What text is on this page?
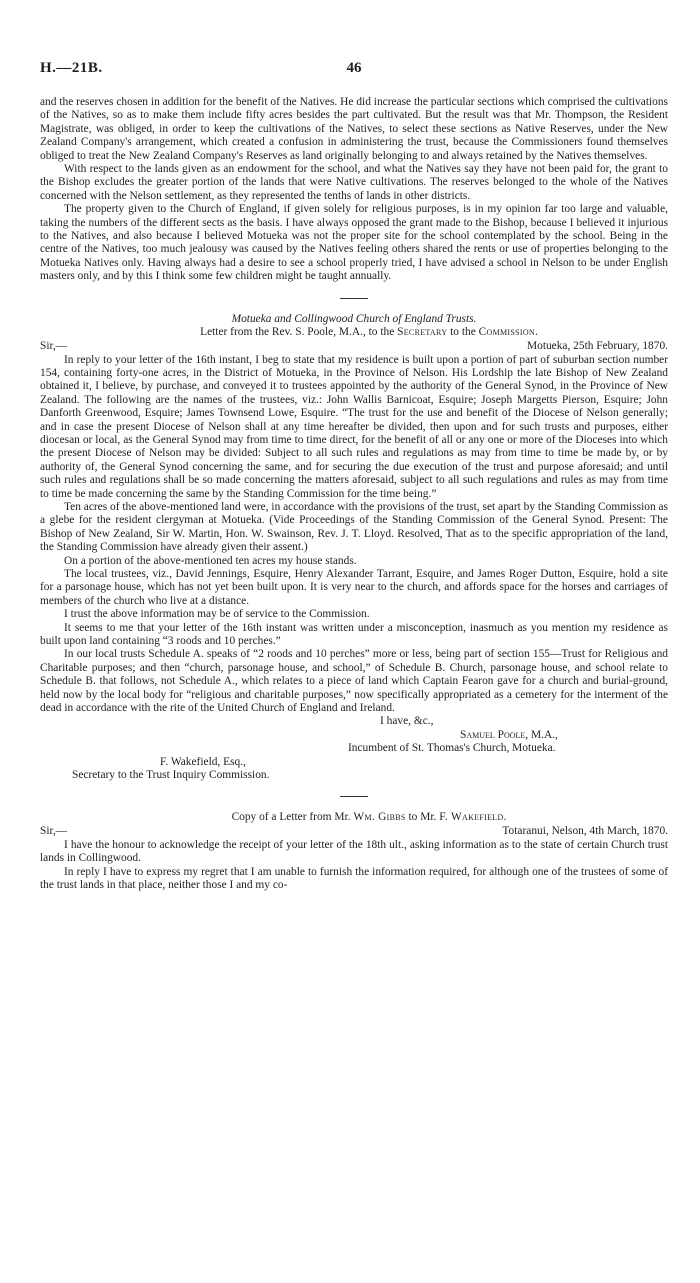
H.—21B.	46

and the reserves chosen in addition for the benefit of the Natives. He did increase the particular sections which comprised the cultivations of the Natives, so as to make them include fifty acres besides the part cultivated. But the result was that Mr. Thompson, the Resident Magistrate, was obliged, in order to keep the cultivations of the Natives, to select these sections as Native Reserves, under the New Zealand Company's arrangement, which created a confusion in administering the trust, because the Commissioners found themselves obliged to treat the New Zealand Company's Reserves as land originally belonging to and always retained by the Natives themselves.

With respect to the lands given as an endowment for the school, and what the Natives say they have not been paid for, the grant to the Bishop excludes the greater portion of the lands that were Native cultivations. The reserves belonged to the whole of the Natives concerned with the Nelson settlement, as they represented the tenths of lands in other districts.

The property given to the Church of England, if given solely for religious purposes, is in my opinion far too large and valuable, taking the numbers of the different sects as the basis. I have always opposed the grant made to the Bishop, because I believed it injurious to the Natives, and also because I believed Motueka was not the proper site for the school contemplated by the school. Being in the centre of the Natives, too much jealousy was caused by the Natives feeling others shared the rents or use of properties belonging to the Motueka Natives only. Having always had a desire to see a school properly tried, I have advised a school in Nelson to be under English masters only, and by this I think some few children might be taught annually.

Motueka and Collingwood Church of England Trusts.
Letter from the Rev. S. Poole, M.A., to the Secretary to the Commission.
Sir,—	Motueka, 25th February, 1870.

In reply to your letter of the 16th instant, I beg to state that my residence is built upon a portion of part of suburban section number 154, containing forty-one acres, in the District of Motueka, in the Province of Nelson. His Lordship the late Bishop of New Zealand obtained it, I believe, by purchase, and conveyed it to trustees appointed by the authority of the General Synod, in the Province of New Zealand. The following are the names of the trustees, viz.: John Wallis Barnicoat, Esquire; Joseph Margetts Pierson, Esquire; John Danforth Greenwood, Esquire; James Townsend Lowe, Esquire. “The trust for the use and benefit of the Diocese of Nelson generally; and in case the present Diocese of Nelson shall at any time hereafter be divided, then upon and for such trusts and purposes, either diocesan or local, as the General Synod may from time to time direct, for the benefit of all or any one or more of the Dioceses into which the present Diocese of Nelson may be divided: Subject to all such rules and regulations as may from time to time be made by, or by authority of, the General Synod concerning the same, and for securing the due execution of the trust and purpose aforesaid; and until such rules and regulations shall be so made concerning the matters aforesaid, subject to all such regulations and rules as may from time to time be made concerning the same by the Standing Commission for the time being.”

Ten acres of the above-mentioned land were, in accordance with the provisions of the trust, set apart by the Standing Commission as a glebe for the resident clergyman at Motueka. (Vide Proceedings of the Standing Commission of the General Synod. Present: The Bishop of New Zealand, Sir W. Martin, Hon. W. Swainson, Rev. J. T. Lloyd. Resolved, That as to the specific appropriation of the land, the Standing Commission have already given their assent.)

On a portion of the above-mentioned ten acres my house stands.

The local trustees, viz., David Jennings, Esquire, Henry Alexander Tarrant, Esquire, and James Roger Dutton, Esquire, hold a site for a parsonage house, which has not yet been built upon. It is very near to the church, and affords space for the horses and carriages of members of the church who live at a distance.

I trust the above information may be of service to the Commission.

It seems to me that your letter of the 16th instant was written under a misconception, inasmuch as you mention my residence as built upon land containing “3 roods and 10 perches.”

In our local trusts Schedule A. speaks of “2 roods and 10 perches” more or less, being part of section 155—Trust for Religious and Charitable purposes; and then “church, parsonage house, and school,” of Schedule B. Church, parsonage house, and school relate to Schedule B. that follows, not Schedule A., which relates to a piece of land which Captain Fearon gave for a church and burial-ground, held now by the local body for “religious and charitable purposes,” now specifically appropriated as a cemetery for the interment of the dead in accordance with the rite of the United Church of England and Ireland.

I have, &c.,
Samuel Poole, M.A.,
Incumbent of St. Thomas's Church, Motueka.
F. Wakefield, Esq.,
Secretary to the Trust Inquiry Commission.
Copy of a Letter from Mr. Wm. Gibbs to Mr. F. Wakefield.
Sir,—	Totaranui, Nelson, 4th March, 1870.

I have the honour to acknowledge the receipt of your letter of the 18th ult., asking information as to the state of certain Church trust lands in Collingwood.

In reply I have to express my regret that I am unable to furnish the information required, for although one of the trustees of some of the trust lands in that place, neither those I and my co-
